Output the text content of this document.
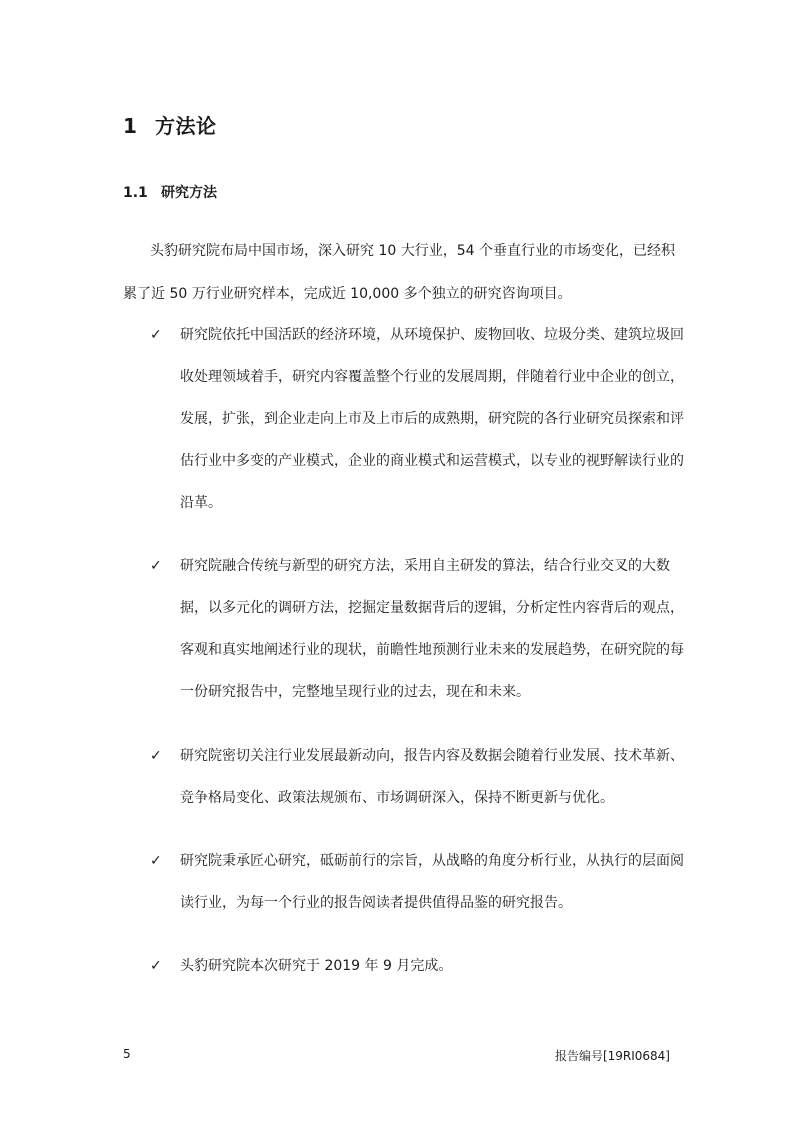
1 方法论
1.1 研究方法
头豹研究院布局中国市场，深入研究 10 大行业，54 个垂直行业的市场变化，已经积
累了近 50 万行业研究样本，完成近 10,000 多个独立的研究咨询项目。
✓ 研究院依托中国活跃的经济环境，从环境保护、废物回收、垃圾分类、建筑垃圾回
收处理领域着手，研究内容覆盖整个行业的发展周期，伴随着行业中企业的创立，
发展，扩张，到企业走向上市及上市后的成熟期，研究院的各行业研究员探索和评
估行业中多变的产业模式，企业的商业模式和运营模式，以专业的视野解读行业的
沿革。
✓ 研究院融合传统与新型的研究方法，采用自主研发的算法，结合行业交叉的大数
据，以多元化的调研方法，挖掘定量数据背后的逻辑，分析定性内容背后的观点，
客观和真实地阐述行业的现状，前瞻性地预测行业未来的发展趋势，在研究院的每
一份研究报告中，完整地呈现行业的过去，现在和未来。
✓ 研究院密切关注行业发展最新动向，报告内容及数据会随着行业发展、技术革新、
竞争格局变化、政策法规颁布、市场调研深入，保持不断更新与优化。
✓ 研究院秉承匠心研究，砥砺前行的宗旨，从战略的角度分析行业，从执行的层面阅
读行业，为每一个行业的报告阅读者提供值得品鉴的研究报告。
✓ 头豹研究院本次研究于 2019 年 9 月完成。
5	报告编号[19RI0684]
